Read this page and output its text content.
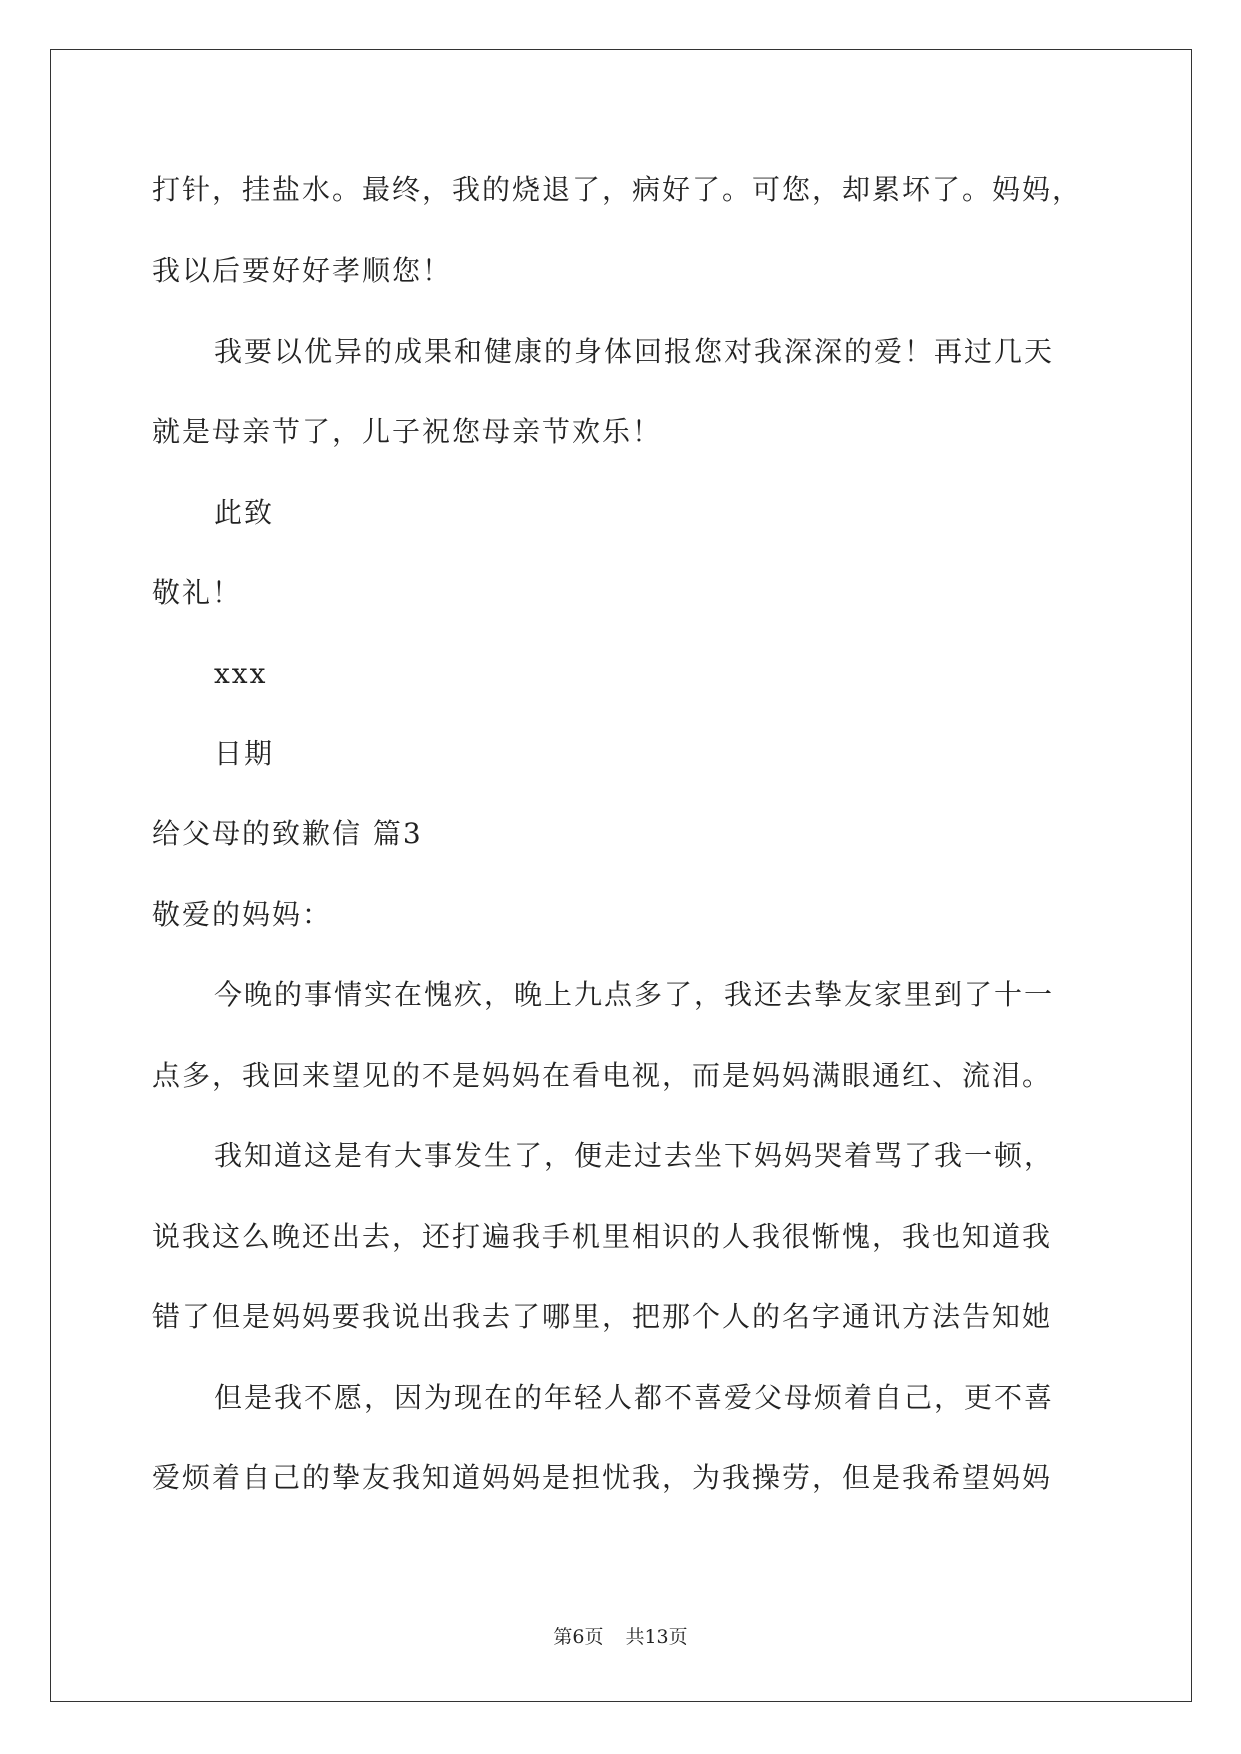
打针，挂盐水。最终，我的烧退了，病好了。可您，却累坏了。妈妈，
我以后要好好孝顺您！
我要以优异的成果和健康的身体回报您对我深深的爱！再过几天
就是母亲节了，儿子祝您母亲节欢乐！
此致
敬礼！
xxx
日期
给父母的致歉信 篇3
敬爱的妈妈：
今晚的事情实在愧疚，晚上九点多了，我还去挚友家里到了十一
点多，我回来望见的不是妈妈在看电视，而是妈妈满眼通红、流泪。
我知道这是有大事发生了，便走过去坐下妈妈哭着骂了我一顿，
说我这么晚还出去，还打遍我手机里相识的人我很惭愧，我也知道我
错了但是妈妈要我说出我去了哪里，把那个人的名字通讯方法告知她
但是我不愿，因为现在的年轻人都不喜爱父母烦着自己，更不喜
爱烦着自己的挚友我知道妈妈是担忧我，为我操劳，但是我希望妈妈
第6页 共13页
